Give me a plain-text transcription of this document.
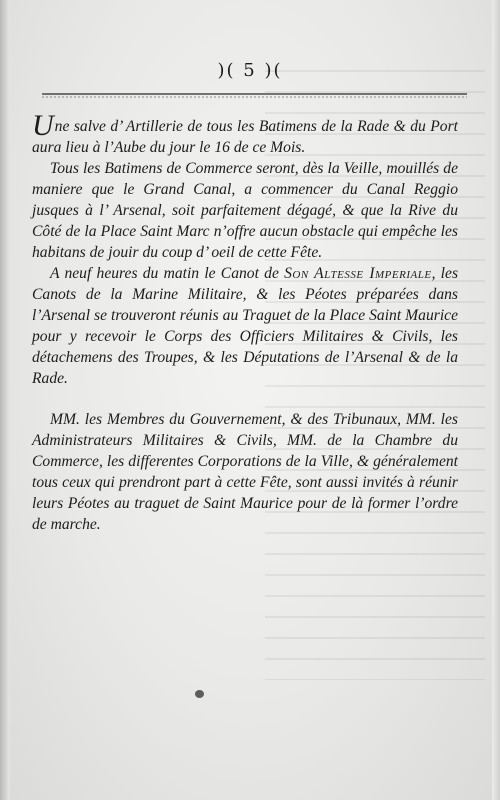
)( 5 )(

Une salve d’ Artillerie de tous les Batimens de la Rade & du Port aura lieu à l’Aube du jour le 16 de ce Mois.

Tous les Batimens de Commerce seront, dès la Veille, mouillés de maniere que le Grand Canal, a commencer du Canal Reggio jusques à l’ Arsenal, soit parfaitement dégagé, & que la Rive du Côté de la Place Saint Marc n’offre aucun obstacle qui empêche les habitans de jouir du coup d’ oeil de cette Fête.

A neuf heures du matin le Canot de Son Altesse Imperiale, les Canots de la Marine Militaire, & les Péotes préparées dans l’Arsenal se trouveront réunis au Traguet de la Place Saint Maurice pour y recevoir le Corps des Officiers Militaires & Civils, les détachemens des Troupes, & les Députations de l’Arsenal & de la Rade.

MM. les Membres du Gouvernement, & des Tribunaux, MM. les Administrateurs Militaires & Civils, MM. de la Chambre du Commerce, les differentes Corporations de la Ville, & généralement tous ceux qui prendront part à cette Fête, sont aussi invités à réunir leurs Péotes au traguet de Saint Maurice pour de là former l’ordre de marche.
